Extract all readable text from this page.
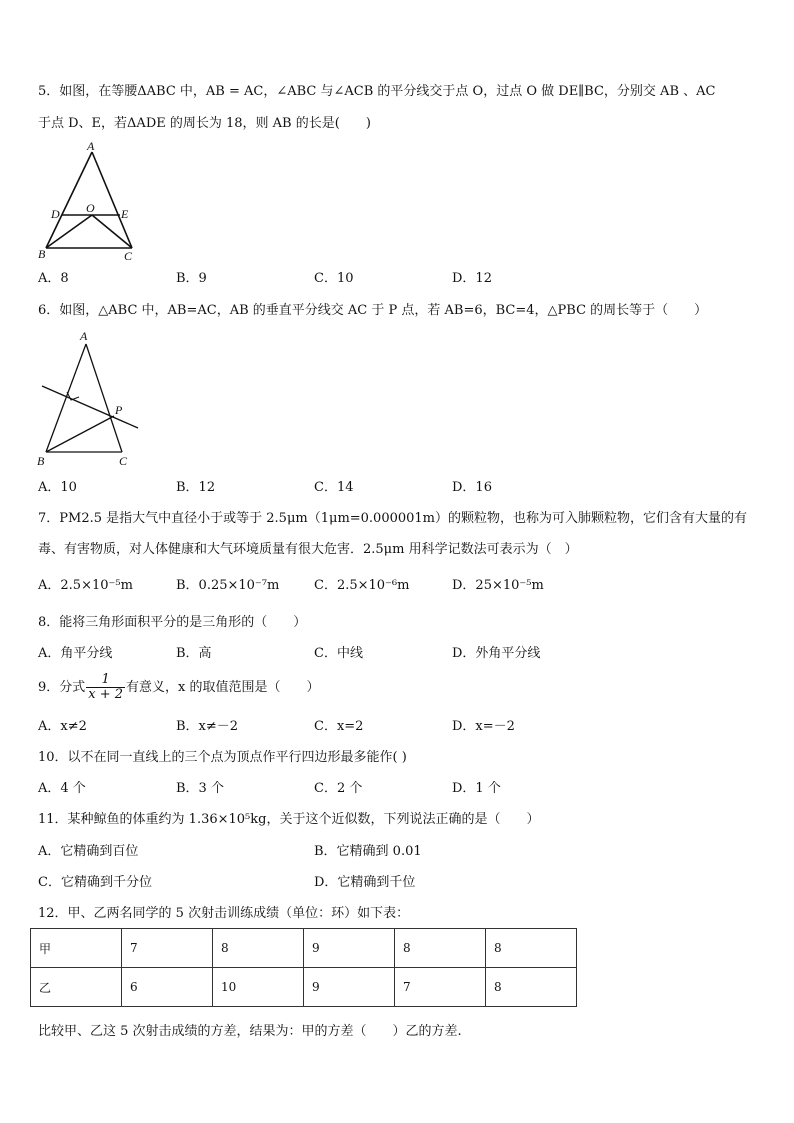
5．如图，在等腰ΔABC 中，AB = AC，∠ABC 与∠ACB 的平分线交于点 O，过点 O 做 DE∥BC，分别交 AB 、AC
于点 D、E，若ΔADE 的周长为 18，则 AB 的长是(　　)
A
D O E
B	C
A．8	B．9	C．10	D．12
6．如图，△ABC 中，AB=AC，AB 的垂直平分线交 AC 于 P 点，若 AB=6，BC=4，△PBC 的周长等于（　　）
A
P
B	C
A．10	B．12	C．14	D．16
7．PM2.5 是指大气中直径小于或等于 2.5μm（1μm=0.000001m）的颗粒物，也称为可入肺颗粒物，它们含有大量的有
毒、有害物质，对人体健康和大气环境质量有很大危害．2.5μm 用科学记数法可表示为（　）
A．2.5×10⁻⁵m	B．0.25×10⁻⁷m	C．2.5×10⁻⁶m	D．25×10⁻⁵m
8．能将三角形面积平分的是三角形的（　　）
A．角平分线	B．高	C．中线	D．外角平分线
9．分式 $\frac{1}{x + 2}$ 有意义，x 的取值范围是（　　）
A．x≠2	B．x≠－2	C．x=2	D．x=－2
10．以不在同一直线上的三个点为顶点作平行四边形最多能作( )
A．4 个	B．3 个	C．2 个	D．1 个
11．某种鲸鱼的体重约为 1.36×10⁵kg，关于这个近似数，下列说法正确的是（　　）
A．它精确到百位	B．它精确到 0.01
C．它精确到千分位	D．它精确到千位
12．甲、乙两名同学的 5 次射击训练成绩（单位：环）如下表：
甲	7	8	9	8	8
乙	6	10	9	7	8
比较甲、乙这 5 次射击成绩的方差，结果为：甲的方差（　　）乙的方差.
